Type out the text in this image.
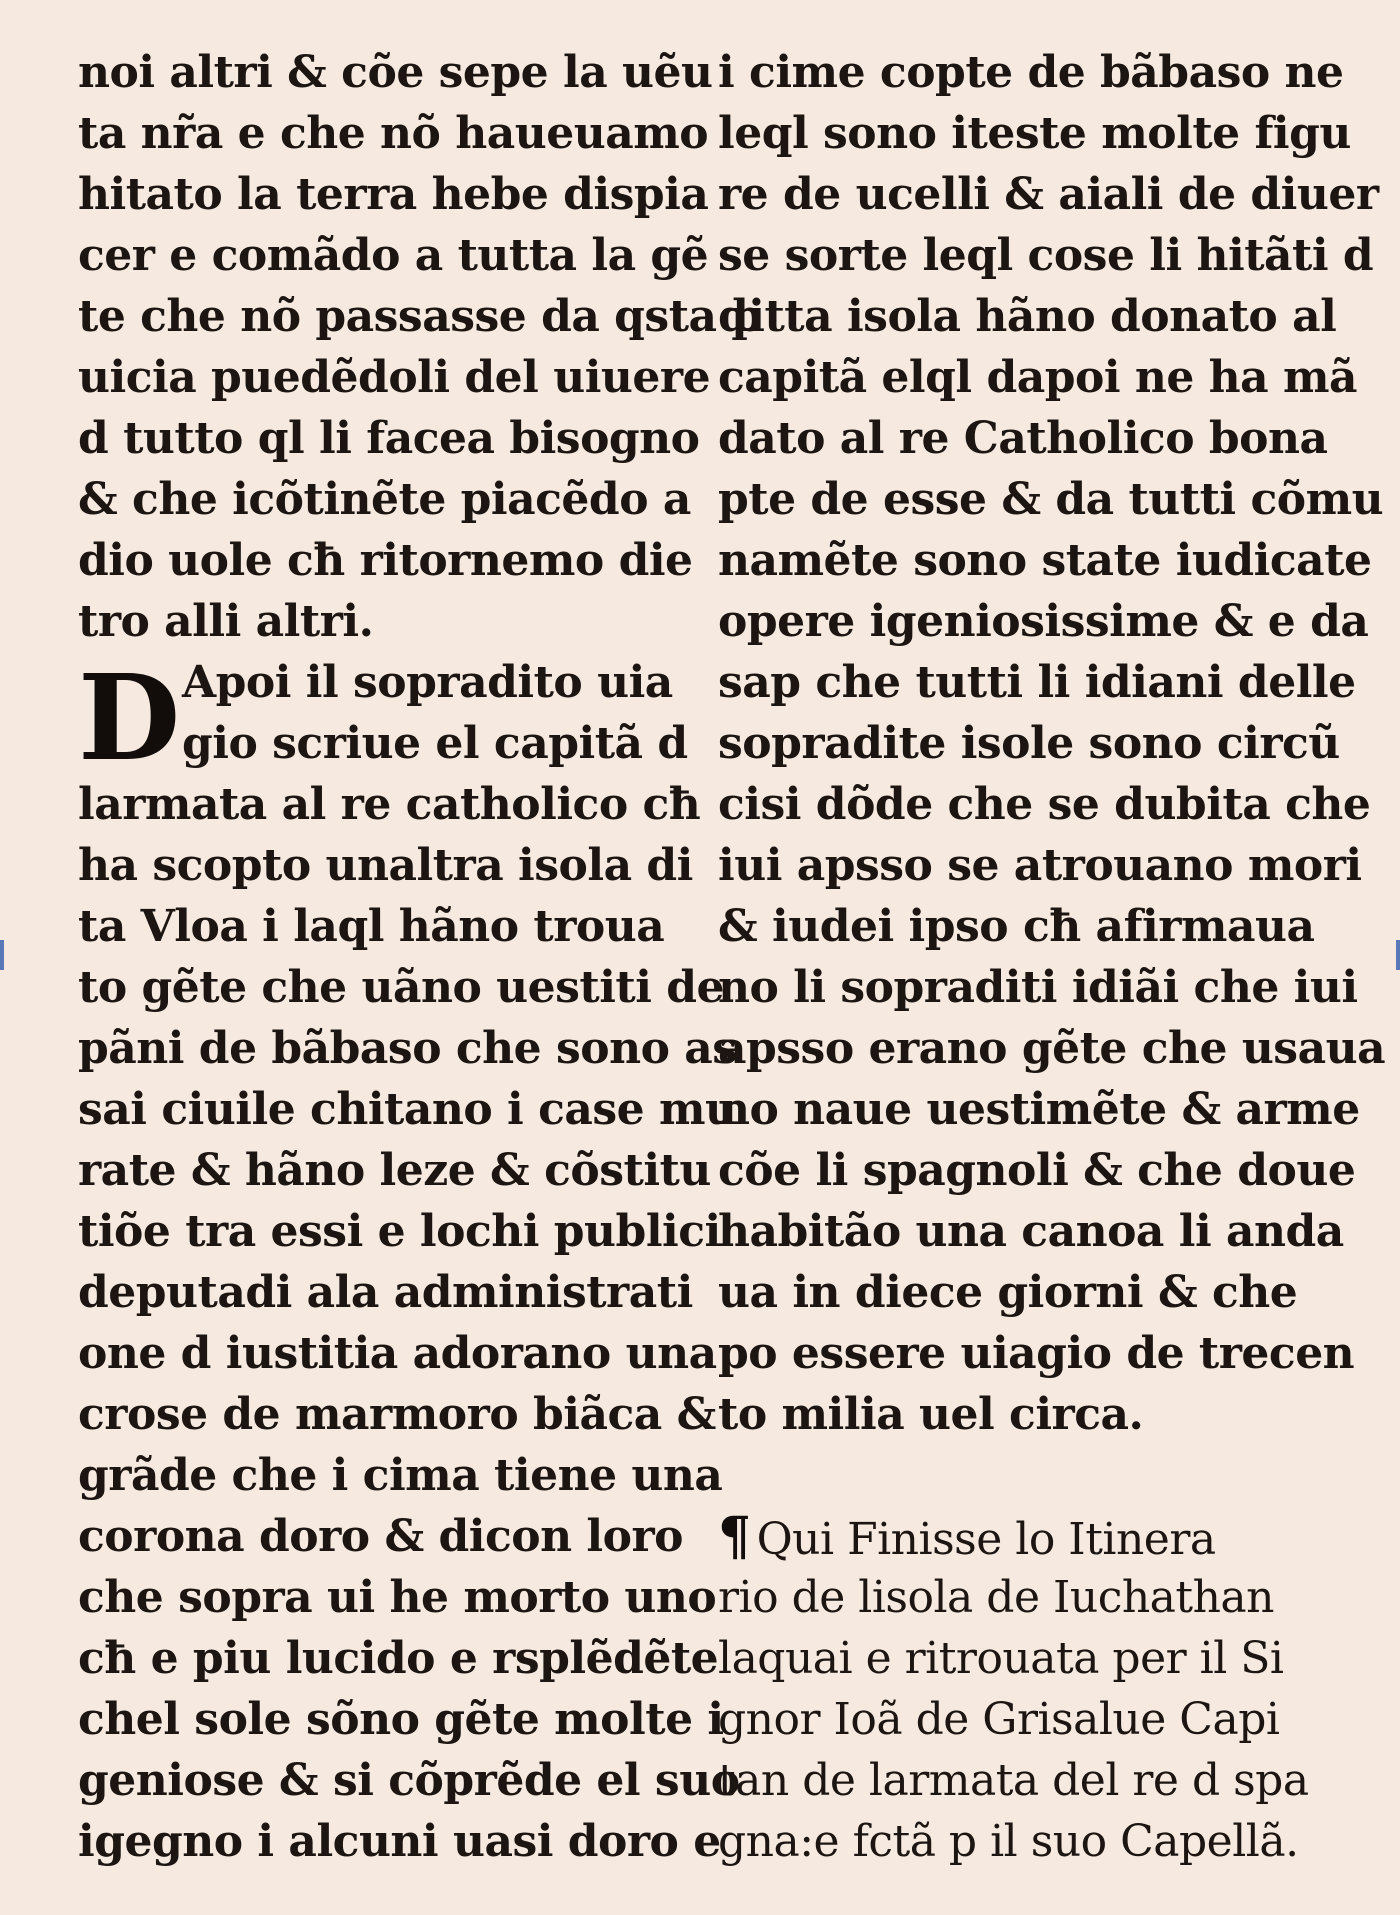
noi altri & cõe sepe la uẽu
ta nr̃a e che nõ haueuamo
hitato la terra hebe dispia
cer e comãdo a tutta la gẽ
te che nõ passasse da qsta p
uicia puedẽdoli del uiuere
d tutto ql li facea bisogno
& che icõtinẽte piacẽdo a
dio uole cħ ritornemo die
tro alli altri.
D Apoi il sopradito uia
gio scriue el capitã d
larmata al re catholico cħ
ha scopto unaltra isola di
ta Vloa i laql hãno troua
to gẽte che uãno uestiti de
pãni de bãbaso che sono as
sai ciuile chitano i case mu
rate & hãno leze & cõstitu
tiõe tra essi e lochi publici
deputadi ala administrati
one d iustitia adorano una
crose de marmoro biãca &
grãde che i cima tiene una
corona doro & dicon loro
che sopra ui he morto uno
cħ e piu lucido e rsplẽdẽte
chel sole sõno gẽte molte i
geniose & si cõprẽde el suo
igegno i alcuni uasi doro e
i cime copte de bãbaso ne
leql sono iteste molte figu
re de ucelli & aiali de diuer
se sorte leql cose li hitãti d
ditta isola hãno donato al
capitã elql dapoi ne ha mã
dato al re Catholico bona
pte de esse & da tutti cõmu
namẽte sono state iudicate
opere igeniosissime & e da
sap che tutti li idiani delle
sopradite isole sono circũ
cisi dõde che se dubita che
iui apsso se atrouano mori
& iudei ipso cħ afirmaua
no li sopraditi idiãi che iui
apsso erano gẽte che usaua
no naue uestimẽte & arme
cõe li spagnoli & che doue
habitão una canoa li anda
ua in diece giorni & che
po essere uiagio de trecen
to milia uel circa.
¶ Qui Finisse lo Itinera
rio de lisola de Iuchathan
laquai e ritrouata per il Si
gnor Ioã de Grisalue Capi
tan de larmata del re d spa
gna:e fctã p il suo Capellã.
